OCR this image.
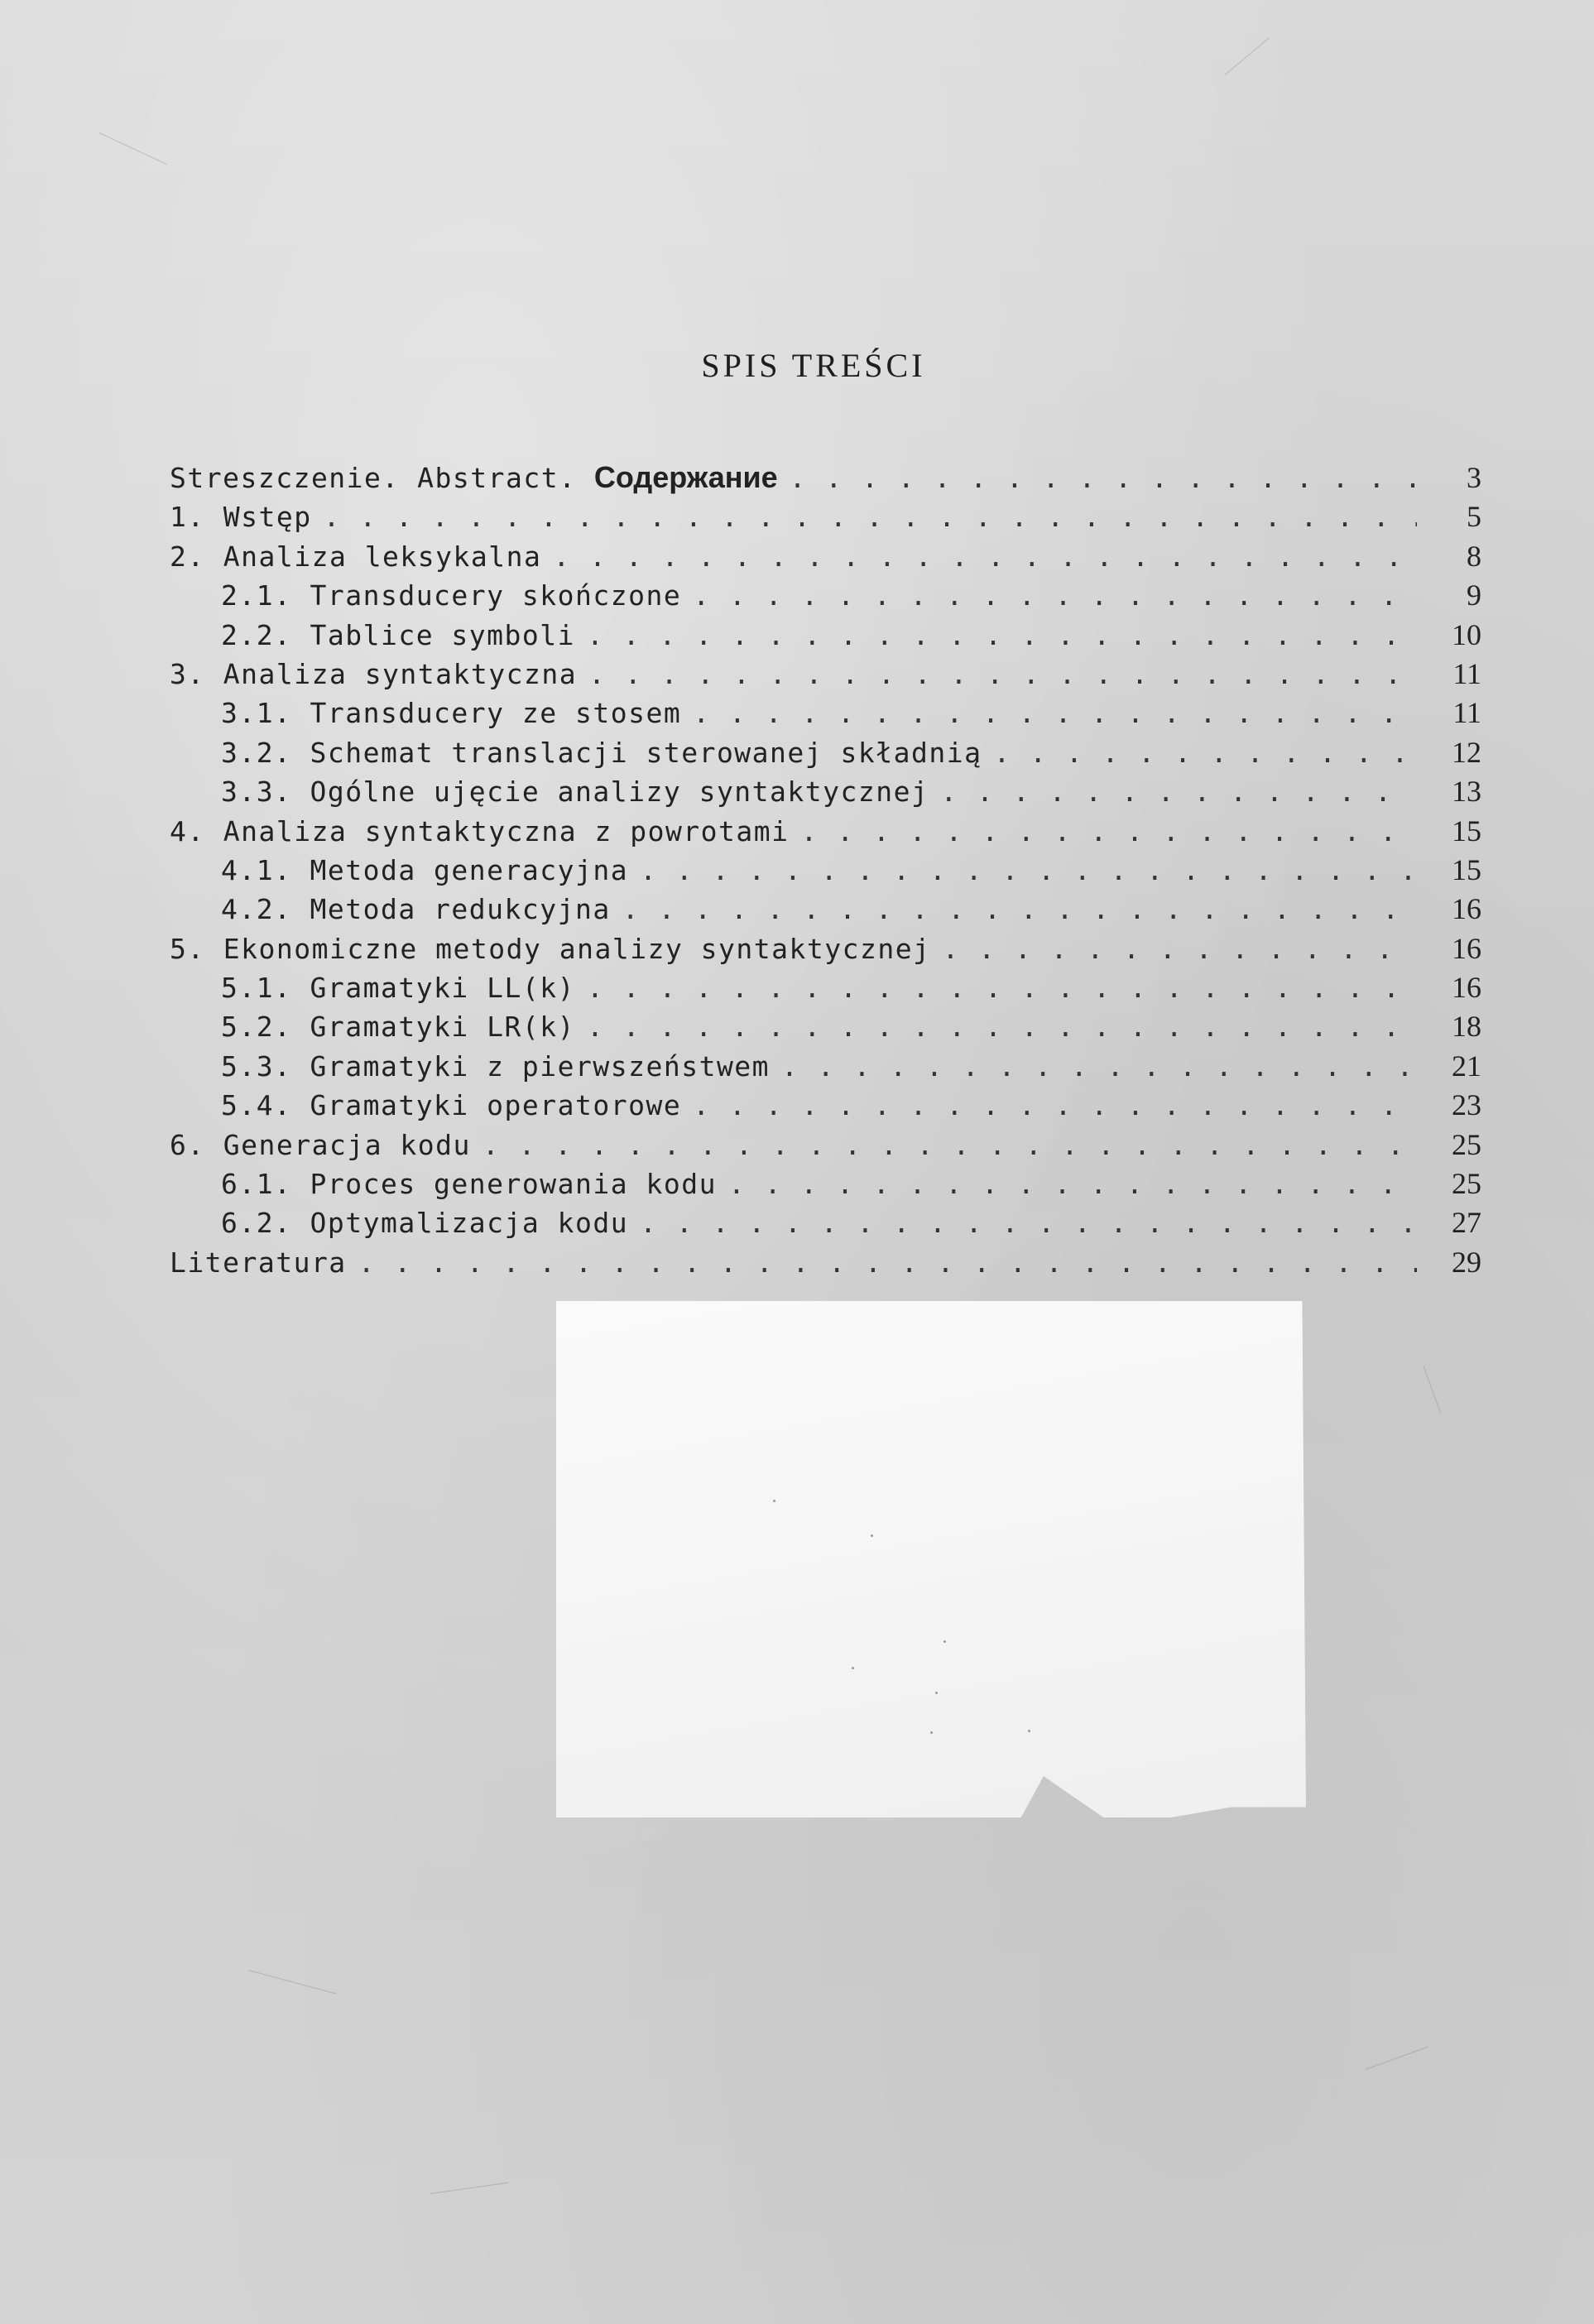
SPIS TREŚCI
Streszczenie. Abstract. Содержание . . .	3
1. Wstęp . . .	5
2. Analiza leksykalna . . .	8
2.1. Transducery skończone . . .	9
2.2. Tablice symboli . . .	10
3. Analiza syntaktyczna . . .	11
3.1. Transducery ze stosem . . .	11
3.2. Schemat translacji sterowanej składnią . . .	12
3.3. Ogólne ujęcie analizy syntaktycznej . . .	13
4. Analiza syntaktyczna z powrotami . . .	15
4.1. Metoda generacyjna . . .	15
4.2. Metoda redukcyjna . . .	16
5. Ekonomiczne metody analizy syntaktycznej . . .	16
5.1. Gramatyki LL(k) . . .	16
5.2. Gramatyki LR(k) . . .	18
5.3. Gramatyki z pierwszeństwem . . .	21
5.4. Gramatyki operatorowe . . .	23
6. Generacja kodu . . .	25
6.1. Proces generowania kodu . . .	25
6.2. Optymalizacja kodu . . .	27
Literatura . . .	29
